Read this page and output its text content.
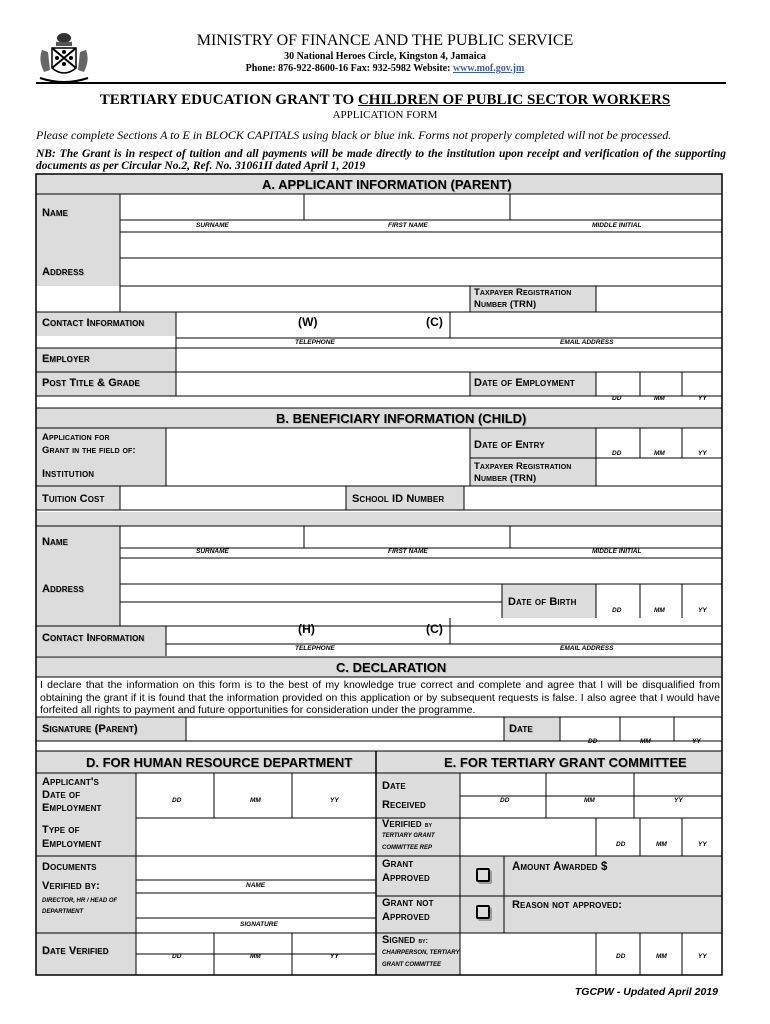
MINISTRY OF FINANCE AND THE PUBLIC SERVICE
30 National Heroes Circle, Kingston 4, Jamaica
Phone: 876-922-8600-16 Fax: 932-5982 Website: www.mof.gov.jm
TERTIARY EDUCATION GRANT TO CHILDREN OF PUBLIC SECTOR WORKERS
APPLICATION FORM
Please complete Sections A to E in BLOCK CAPITALS using black or blue ink. Forms not properly completed will not be processed.
NB: The Grant is in respect of tuition and all payments will be made directly to the institution upon receipt and verification of the supporting documents as per Circular No.2, Ref. No. 31061II dated April 1, 2019
A. APPLICANT INFORMATION (PARENT)
Name
SURNAME	FIRST NAME	MIDDLE INITIAL
Address
Taxpayer Registration Number (TRN)
Contact Information	(W)	(C)
TELEPHONE	EMAIL ADDRESS
Employer
Post Title & Grade	Date of Employment
DD	MM	YY
B. BENEFICIARY INFORMATION (CHILD)
Application for
Grant in the field of:	Date of Entry
DD	MM	YY
Institution
Taxpayer Registration Number (TRN)
Tuition Cost	School ID Number
Name
SURNAME	FIRST NAME	MIDDLE INITIAL
Address
Date of Birth
DD	MM	YY
Contact Information
(H)	(C)
TELEPHONE	EMAIL ADDRESS
C. DECLARATION
I declare that the information on this form is to the best of my knowledge true correct and complete and agree that I will be disqualified from obtaining the grant if it is found that the information provided on this application or by subsequent requests is false. I also agree that I would have forfeited all rights to payment and future opportunities for consideration under the programme.
Signature (Parent)	Date
DD	MM	YY
D. FOR HUMAN RESOURCE DEPARTMENT
Applicant's
Date of
Employment
DD	MM	YY
Type of
Employment
Documents
Verified by:	NAME
DIRECTOR, HR / HEAD OF
DEPARTMENT
SIGNATURE
Date Verified	DD	MM	YY
E. FOR TERTIARY GRANT COMMITTEE
Date
Received	DD	MM	YY
Verified by
TERTIARY GRANT
COMMITTEE REP	DD	MM	YY
Grant
Approved
Amount Awarded $
Grant not
Approved
Reason not approved:
Signed by:
CHAIRPERSON, TERTIARY
GRANT COMMITTEE
DD	MM	YY
TGCPW - Updated April 2019
